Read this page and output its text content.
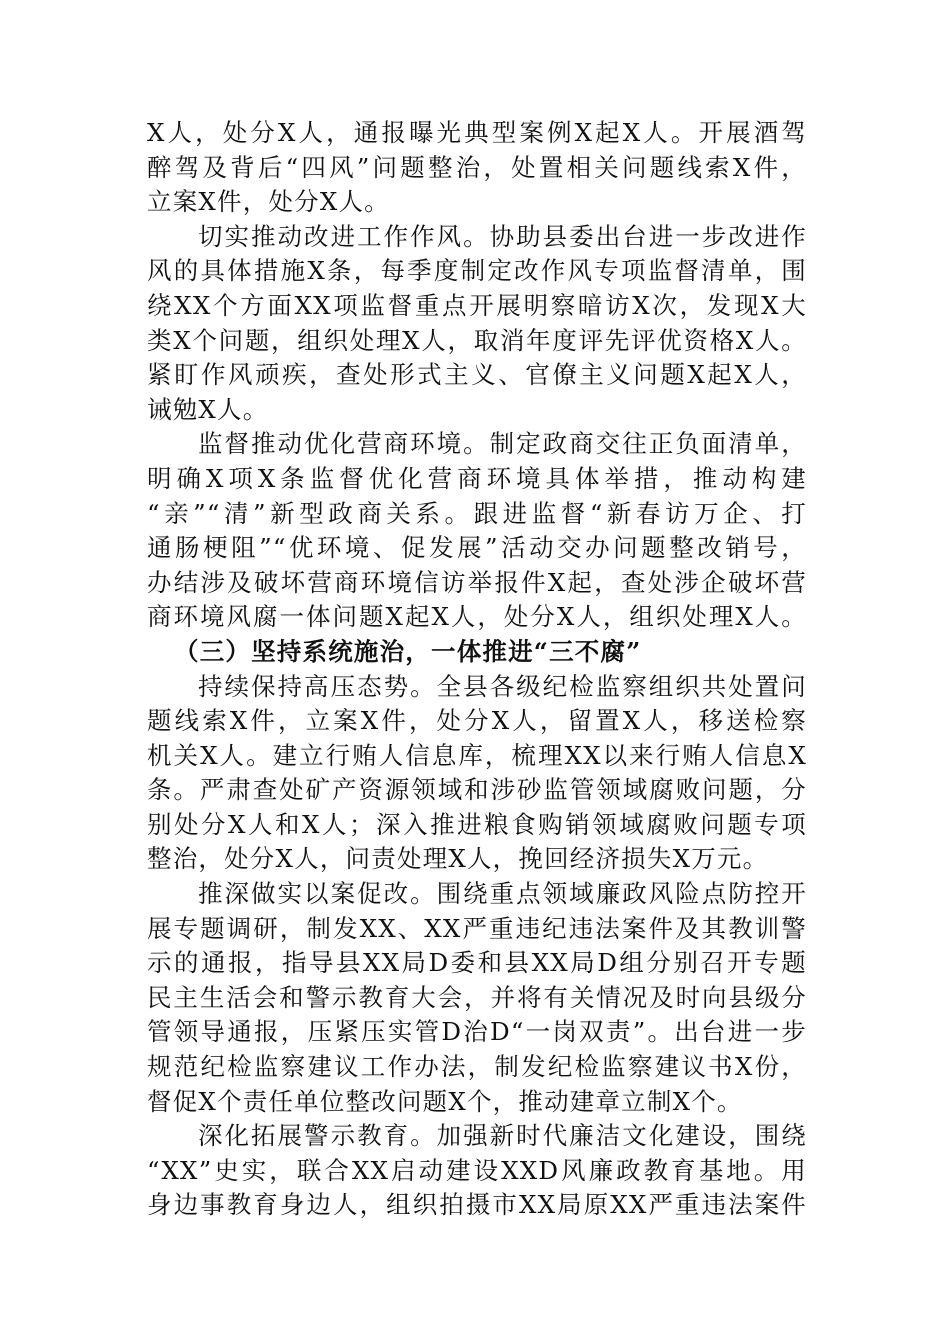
X人，处分X人，通报曝光典型案例X起X人。开展酒驾
醉驾及背后“四风”问题整治，处置相关问题线索X件，
立案X件，处分X人。
切实推动改进工作作风。协助县委出台进一步改进作
风的具体措施X条，每季度制定改作风专项监督清单，围
绕XX个方面XX项监督重点开展明察暗访X次，发现X大
类X个问题，组织处理X人，取消年度评先评优资格X人。
紧盯作风顽疾，查处形式主义、官僚主义问题X起X人，
诫勉X人。
监督推动优化营商环境。制定政商交往正负面清单，
明确X项X条监督优化营商环境具体举措，推动构建
“亲”“清”新型政商关系。跟进监督“新春访万企、打
通肠梗阻”“优环境、促发展”活动交办问题整改销号，
办结涉及破坏营商环境信访举报件X起，查处涉企破坏营
商环境风腐一体问题X起X人，处分X人，组织处理X人。
（三）坚持系统施治，一体推进“三不腐”
持续保持高压态势。全县各级纪检监察组织共处置问
题线索X件，立案X件，处分X人，留置X人，移送检察
机关X人。建立行贿人信息库，梳理XX以来行贿人信息X
条。严肃查处矿产资源领域和涉砂监管领域腐败问题，分
别处分X人和X人；深入推进粮食购销领域腐败问题专项
整治，处分X人，问责处理X人，挽回经济损失X万元。
推深做实以案促改。围绕重点领域廉政风险点防控开
展专题调研，制发XX、XX严重违纪违法案件及其教训警
示的通报，指导县XX局D委和县XX局D组分别召开专题
民主生活会和警示教育大会，并将有关情况及时向县级分
管领导通报，压紧压实管D治D“一岗双责”。出台进一步
规范纪检监察建议工作办法，制发纪检监察建议书X份，
督促X个责任单位整改问题X个，推动建章立制X个。
深化拓展警示教育。加强新时代廉洁文化建设，围绕
“XX”史实，联合XX启动建设XXD风廉政教育基地。用
身边事教育身边人，组织拍摄市XX局原XX严重违法案件
